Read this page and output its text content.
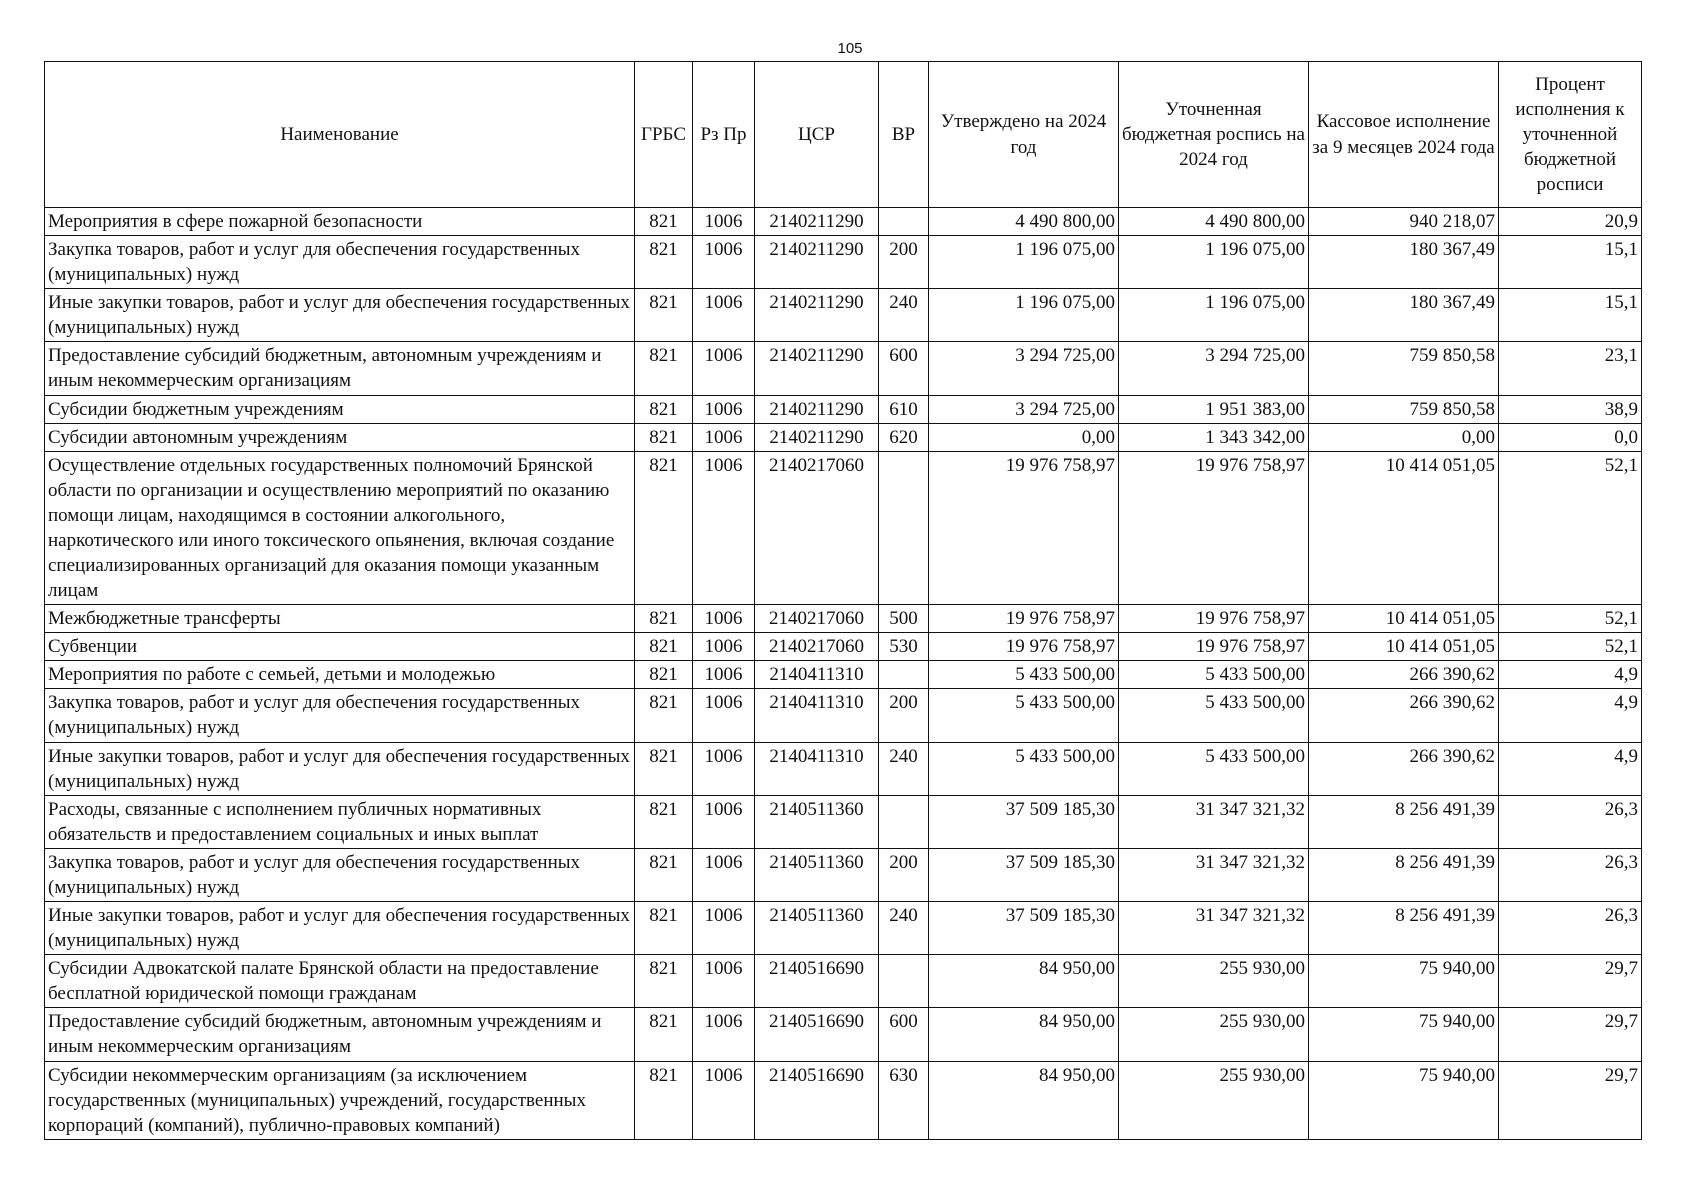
105
Наименование	ГРБС	Рз Пр	ЦСР	ВР	Утверждено на 2024 год	Уточненная бюджетная роспись на 2024 год	Кассовое исполнение за 9 месяцев 2024 года	Процент исполнения к уточненной бюджетной росписи
Мероприятия в сфере пожарной безопасности	821	1006	2140211290		4 490 800,00	4 490 800,00	940 218,07	20,9
Закупка товаров, работ и услуг для обеспечения государственных (муниципальных) нужд	821	1006	2140211290	200	1 196 075,00	1 196 075,00	180 367,49	15,1
Иные закупки товаров, работ и услуг для обеспечения государственных (муниципальных) нужд	821	1006	2140211290	240	1 196 075,00	1 196 075,00	180 367,49	15,1
Предоставление субсидий бюджетным, автономным учреждениям и иным некоммерческим организациям	821	1006	2140211290	600	3 294 725,00	3 294 725,00	759 850,58	23,1
Субсидии бюджетным учреждениям	821	1006	2140211290	610	3 294 725,00	1 951 383,00	759 850,58	38,9
Субсидии автономным учреждениям	821	1006	2140211290	620	0,00	1 343 342,00	0,00	0,0
Осуществление отдельных государственных полномочий Брянской области по организации и осуществлению мероприятий по оказанию помощи лицам, находящимся в состоянии алкогольного, наркотического или иного токсического опьянения, включая создание специализированных организаций для оказания помощи указанным лицам	821	1006	2140217060		19 976 758,97	19 976 758,97	10 414 051,05	52,1
Межбюджетные трансферты	821	1006	2140217060	500	19 976 758,97	19 976 758,97	10 414 051,05	52,1
Субвенции	821	1006	2140217060	530	19 976 758,97	19 976 758,97	10 414 051,05	52,1
Мероприятия по работе с семьей, детьми и молодежью	821	1006	2140411310		5 433 500,00	5 433 500,00	266 390,62	4,9
Закупка товаров, работ и услуг для обеспечения государственных (муниципальных) нужд	821	1006	2140411310	200	5 433 500,00	5 433 500,00	266 390,62	4,9
Иные закупки товаров, работ и услуг для обеспечения государственных (муниципальных) нужд	821	1006	2140411310	240	5 433 500,00	5 433 500,00	266 390,62	4,9
Расходы, связанные с исполнением публичных нормативных обязательств и предоставлением социальных и иных выплат	821	1006	2140511360		37 509 185,30	31 347 321,32	8 256 491,39	26,3
Закупка товаров, работ и услуг для обеспечения государственных (муниципальных) нужд	821	1006	2140511360	200	37 509 185,30	31 347 321,32	8 256 491,39	26,3
Иные закупки товаров, работ и услуг для обеспечения государственных (муниципальных) нужд	821	1006	2140511360	240	37 509 185,30	31 347 321,32	8 256 491,39	26,3
Субсидии Адвокатской палате Брянской области на предоставление бесплатной юридической помощи гражданам	821	1006	2140516690		84 950,00	255 930,00	75 940,00	29,7
Предоставление субсидий бюджетным, автономным учреждениям и иным некоммерческим организациям	821	1006	2140516690	600	84 950,00	255 930,00	75 940,00	29,7
Субсидии некоммерческим организациям (за исключением государственных (муниципальных) учреждений, государственных корпораций (компаний), публично-правовых компаний)	821	1006	2140516690	630	84 950,00	255 930,00	75 940,00	29,7
